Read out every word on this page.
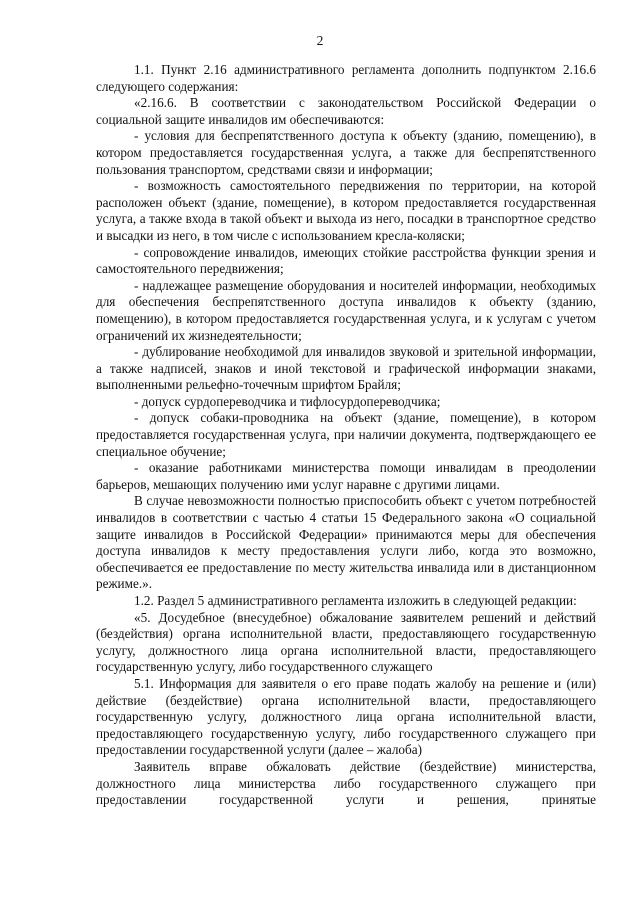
2

1.1. Пункт 2.16 административного регламента дополнить подпунктом 2.16.6 следующего содержания:

«2.16.6. В соответствии с законодательством Российской Федерации о социальной защите инвалидов им обеспечиваются:

- условия для беспрепятственного доступа к объекту (зданию, помещению), в котором предоставляется государственная услуга, а также для беспрепятственного пользования транспортом, средствами связи и информации;

- возможность самостоятельного передвижения по территории, на которой расположен объект (здание, помещение), в котором предоставляется государственная услуга, а также входа в такой объект и выхода из него, посадки в транспортное средство и высадки из него, в том числе с использованием кресла-коляски;

- сопровождение инвалидов, имеющих стойкие расстройства функции зрения и самостоятельного передвижения;

- надлежащее размещение оборудования и носителей информации, необходимых для обеспечения беспрепятственного доступа инвалидов к объекту (зданию, помещению), в котором предоставляется государственная услуга, и к услугам с учетом ограничений их жизнедеятельности;

- дублирование необходимой для инвалидов звуковой и зрительной информации, а также надписей, знаков и иной текстовой и графической информации знаками, выполненными рельефно-точечным шрифтом Брайля;

- допуск сурдопереводчика и тифлосурдопереводчика;

- допуск собаки-проводника на объект (здание, помещение), в котором предоставляется государственная услуга, при наличии документа, подтверждающего ее специальное обучение;

- оказание работниками министерства помощи инвалидам в преодолении барьеров, мешающих получению ими услуг наравне с другими лицами.

В случае невозможности полностью приспособить объект с учетом потребностей инвалидов в соответствии с частью 4 статьи 15 Федерального закона «О социальной защите инвалидов в Российской Федерации» принимаются меры для обеспечения доступа инвалидов к месту предоставления услуги либо, когда это возможно, обеспечивается ее предоставление по месту жительства инвалида или в дистанционном режиме.».

1.2. Раздел 5 административного регламента изложить в следующей редакции:

«5. Досудебное (внесудебное) обжалование заявителем решений и действий (бездействия) органа исполнительной власти, предоставляющего государственную услугу, должностного лица органа исполнительной власти, предоставляющего государственную услугу, либо государственного служащего

5.1. Информация для заявителя о его праве подать жалобу на решение и (или) действие (бездействие) органа исполнительной власти, предоставляющего государственную услугу, должностного лица органа исполнительной власти, предоставляющего государственную услугу, либо государственного служащего при предоставлении государственной услуги (далее – жалоба)

Заявитель вправе обжаловать действие (бездействие) министерства, должностного лица министерства либо государственного служащего при предоставлении государственной услуги и решения, принятые
